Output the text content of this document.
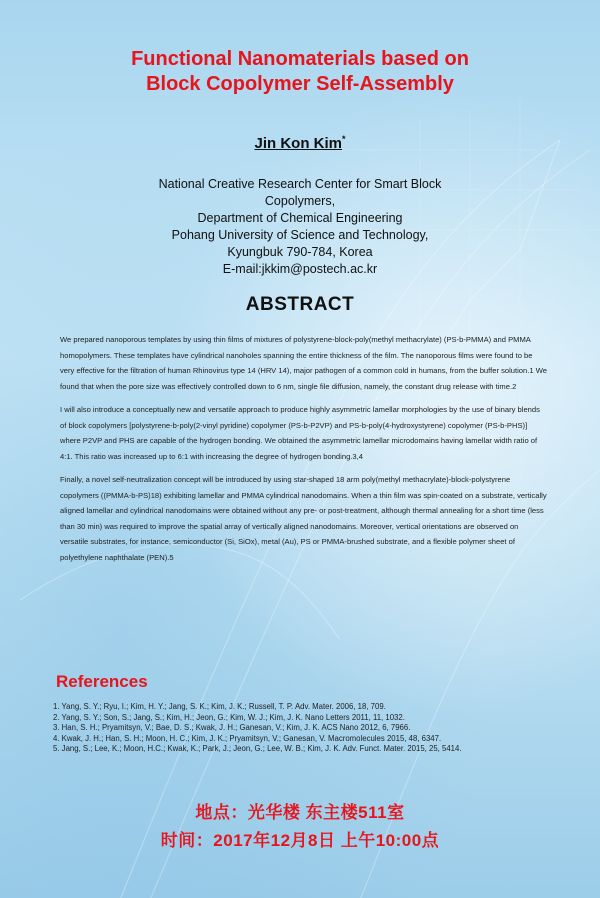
Functional Nanomaterials based on
Block Copolymer Self-Assembly
Jin Kon Kim*
National Creative Research Center for Smart Block
Copolymers,
Department of Chemical Engineering
Pohang University of Science and Technology,
Kyungbuk 790-784, Korea
E-mail:jkkim@postech.ac.kr
ABSTRACT

We prepared nanoporous templates by using thin films of mixtures of polystyrene-block-poly(methyl methacrylate) (PS-b-PMMA) and PMMA homopolymers. These templates have cylindrical nanoholes spanning the entire thickness of the film. The nanoporous films were found to be very effective for the filtration of human Rhinovirus type 14 (HRV 14), major pathogen of a common cold in humans, from the buffer solution.1 We found that when the pore size was effectively controlled down to 6 nm, single file diffusion, namely, the constant drug release with time.2

I will also introduce a conceptually new and versatile approach to produce highly asymmetric lamellar morphologies by the use of binary blends of block copolymers [polystyrene-b-poly(2-vinyl pyridine) copolymer (PS-b-P2VP) and PS-b-poly(4-hydroxystyrene) copolymer (PS-b-PHS)] where P2VP and PHS are capable of the hydrogen bonding. We obtained the asymmetric lamellar microdomains having lamellar width ratio of 4:1. This ratio was increased up to 6:1 with increasing the degree of hydrogen bonding.3,4

Finally, a novel self-neutralization concept will be introduced by using star-shaped 18 arm poly(methyl methacrylate)-block-polystyrene copolymers ((PMMA-b-PS)18) exhibiting lamellar and PMMA cylindrical nanodomains. When a thin film was spin-coated on a substrate, vertically aligned lamellar and cylindrical nanodomains were obtained without any pre- or post-treatment, although thermal annealing for a short time (less than 30 min) was required to improve the spatial array of vertically aligned nanodomains. Moreover, vertical orientations are observed on versatile substrates, for instance, semiconductor (Si, SiOx), metal (Au), PS or PMMA-brushed substrate, and a flexible polymer sheet of polyethylene naphthalate (PEN).5

References
1. Yang, S. Y.; Ryu, I.; Kim, H. Y.; Jang, S. K.; Kim, J. K.; Russell, T. P. Adv. Mater. 2006, 18, 709.
2. Yang, S. Y.; Son, S.; Jang, S.; Kim, H.; Jeon, G.; Kim, W. J.; Kim, J. K. Nano Letters 2011, 11, 1032.
3. Han, S. H.; Pryamitsyn, V.; Bae, D. S.; Kwak, J. H.; Ganesan, V.; Kim, J. K. ACS Nano 2012, 6, 7966.
4. Kwak, J. H.; Han, S. H.; Moon, H. C.; Kim, J. K.; Pryamitsyn, V.; Ganesan, V. Macromolecules 2015, 48, 6347.
5. Jang, S.; Lee, K.; Moon, H.C.; Kwak, K.; Park, J.; Jeon, G.; Lee, W. B.; Kim, J. K. Adv. Funct. Mater. 2015, 25, 5414.
地点：光华楼 东主楼511室
时间：2017年12月8日 上午10:00点
